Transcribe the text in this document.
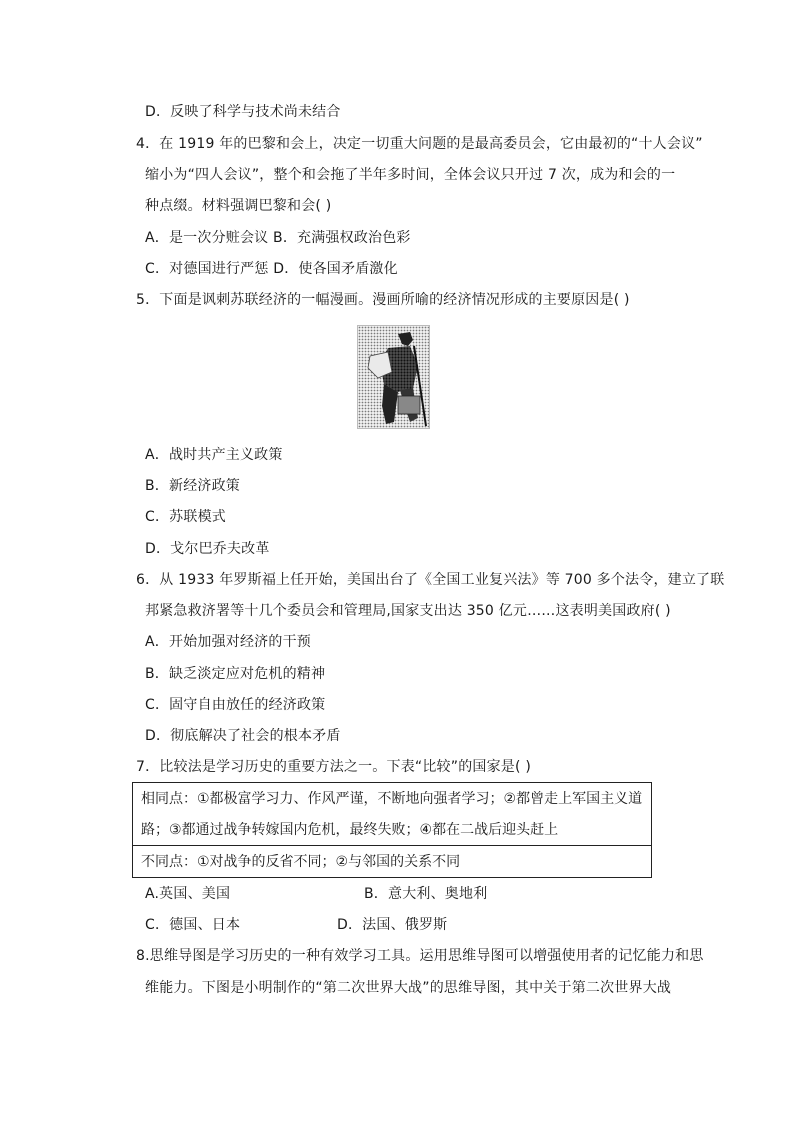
D．反映了科学与技术尚未结合
4．在 1919 年的巴黎和会上，决定一切重大问题的是最高委员会，它由最初的“十人会议”
缩小为“四人会议”，整个和会拖了半年多时间，全体会议只开过 7 次，成为和会的一
种点缀。材料强调巴黎和会( )
A．是一次分赃会议 B．充满强权政治色彩
C．对德国进行严惩 D．使各国矛盾激化
5．下面是讽刺苏联经济的一幅漫画。漫画所喻的经济情况形成的主要原因是( )
A．战时共产主义政策
B．新经济政策
C．苏联模式
D．戈尔巴乔夫改革
6．从 1933 年罗斯福上任开始，美国出台了《全国工业复兴法》等 700 多个法令，建立了联
邦紧急救济署等十几个委员会和管理局,国家支出达 350 亿元……这表明美国政府( )
A．开始加强对经济的干预
B．缺乏淡定应对危机的精神
C．固守自由放任的经济政策
D．彻底解决了社会的根本矛盾
7．比较法是学习历史的重要方法之一。下表“比较”的国家是( )
相同点：①都极富学习力、作风严谨，不断地向强者学习；②都曾走上军国主义道
路；③都通过战争转嫁国内危机，最终失败；④都在二战后迎头赶上
不同点：①对战争的反省不同；②与邻国的关系不同
A.英国、美国	B．意大利、奥地利
C．德国、日本	D．法国、俄罗斯
8.思维导图是学习历史的一种有效学习工具。运用思维导图可以增强使用者的记忆能力和思
维能力。下图是小明制作的“第二次世界大战”的思维导图，其中关于第二次世界大战
